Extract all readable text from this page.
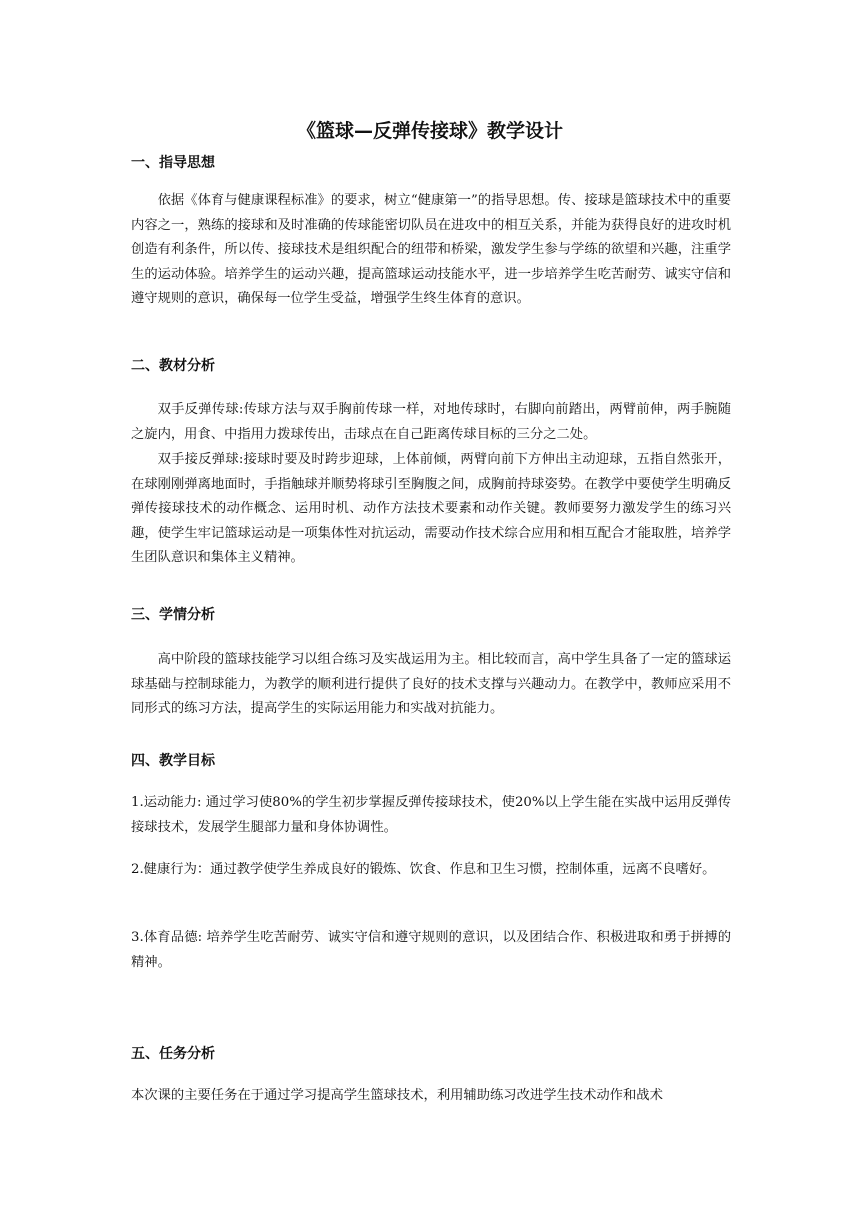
《篮球—反弹传接球》教学设计
一、指导思想

依据《体育与健康课程标准》的要求，树立“健康第一”的指导思想。传、接球是篮球技术中的重要内容之一，熟练的接球和及时准确的传球能密切队员在进攻中的相互关系，并能为获得良好的进攻时机创造有利条件，所以传、接球技术是组织配合的纽带和桥梁，激发学生参与学练的欲望和兴趣，注重学生的运动体验。培养学生的运动兴趣，提高篮球运动技能水平，进一步培养学生吃苦耐劳、诚实守信和遵守规则的意识，确保每一位学生受益，增强学生终生体育的意识。

二、教材分析

双手反弹传球:传球方法与双手胸前传球一样，对地传球时，右脚向前踏出，两臂前伸，两手腕随之旋内，用食、中指用力拨球传出，击球点在自己距离传球目标的三分之二处。

双手接反弹球:接球时要及时跨步迎球，上体前倾，两臂向前下方伸出主动迎球，五指自然张开，在球刚刚弹离地面时，手指触球并顺势将球引至胸腹之间，成胸前持球姿势。在教学中要使学生明确反弹传接球技术的动作概念、运用时机、动作方法技术要素和动作关键。教师要努力激发学生的练习兴趣，使学生牢记篮球运动是一项集体性对抗运动，需要动作技术综合应用和相互配合才能取胜，培养学生团队意识和集体主义精神。

三、学情分析

高中阶段的篮球技能学习以组合练习及实战运用为主。相比较而言，高中学生具备了一定的篮球运球基础与控制球能力，为教学的顺利进行提供了良好的技术支撑与兴趣动力。在教学中，教师应采用不同形式的练习方法，提高学生的实际运用能力和实战对抗能力。

四、教学目标

1.运动能力: 通过学习使80%的学生初步掌握反弹传接球技术，使20%以上学生能在实战中运用反弹传接球技术，发展学生腿部力量和身体协调性。

2.健康行为：通过教学使学生养成良好的锻炼、饮食、作息和卫生习惯，控制体重，远离不良嗜好。

3.体育品德: 培养学生吃苦耐劳、诚实守信和遵守规则的意识，以及团结合作、积极进取和勇于拼搏的精神。

五、任务分析

本次课的主要任务在于通过学习提高学生篮球技术，利用辅助练习改进学生技术动作和战术
